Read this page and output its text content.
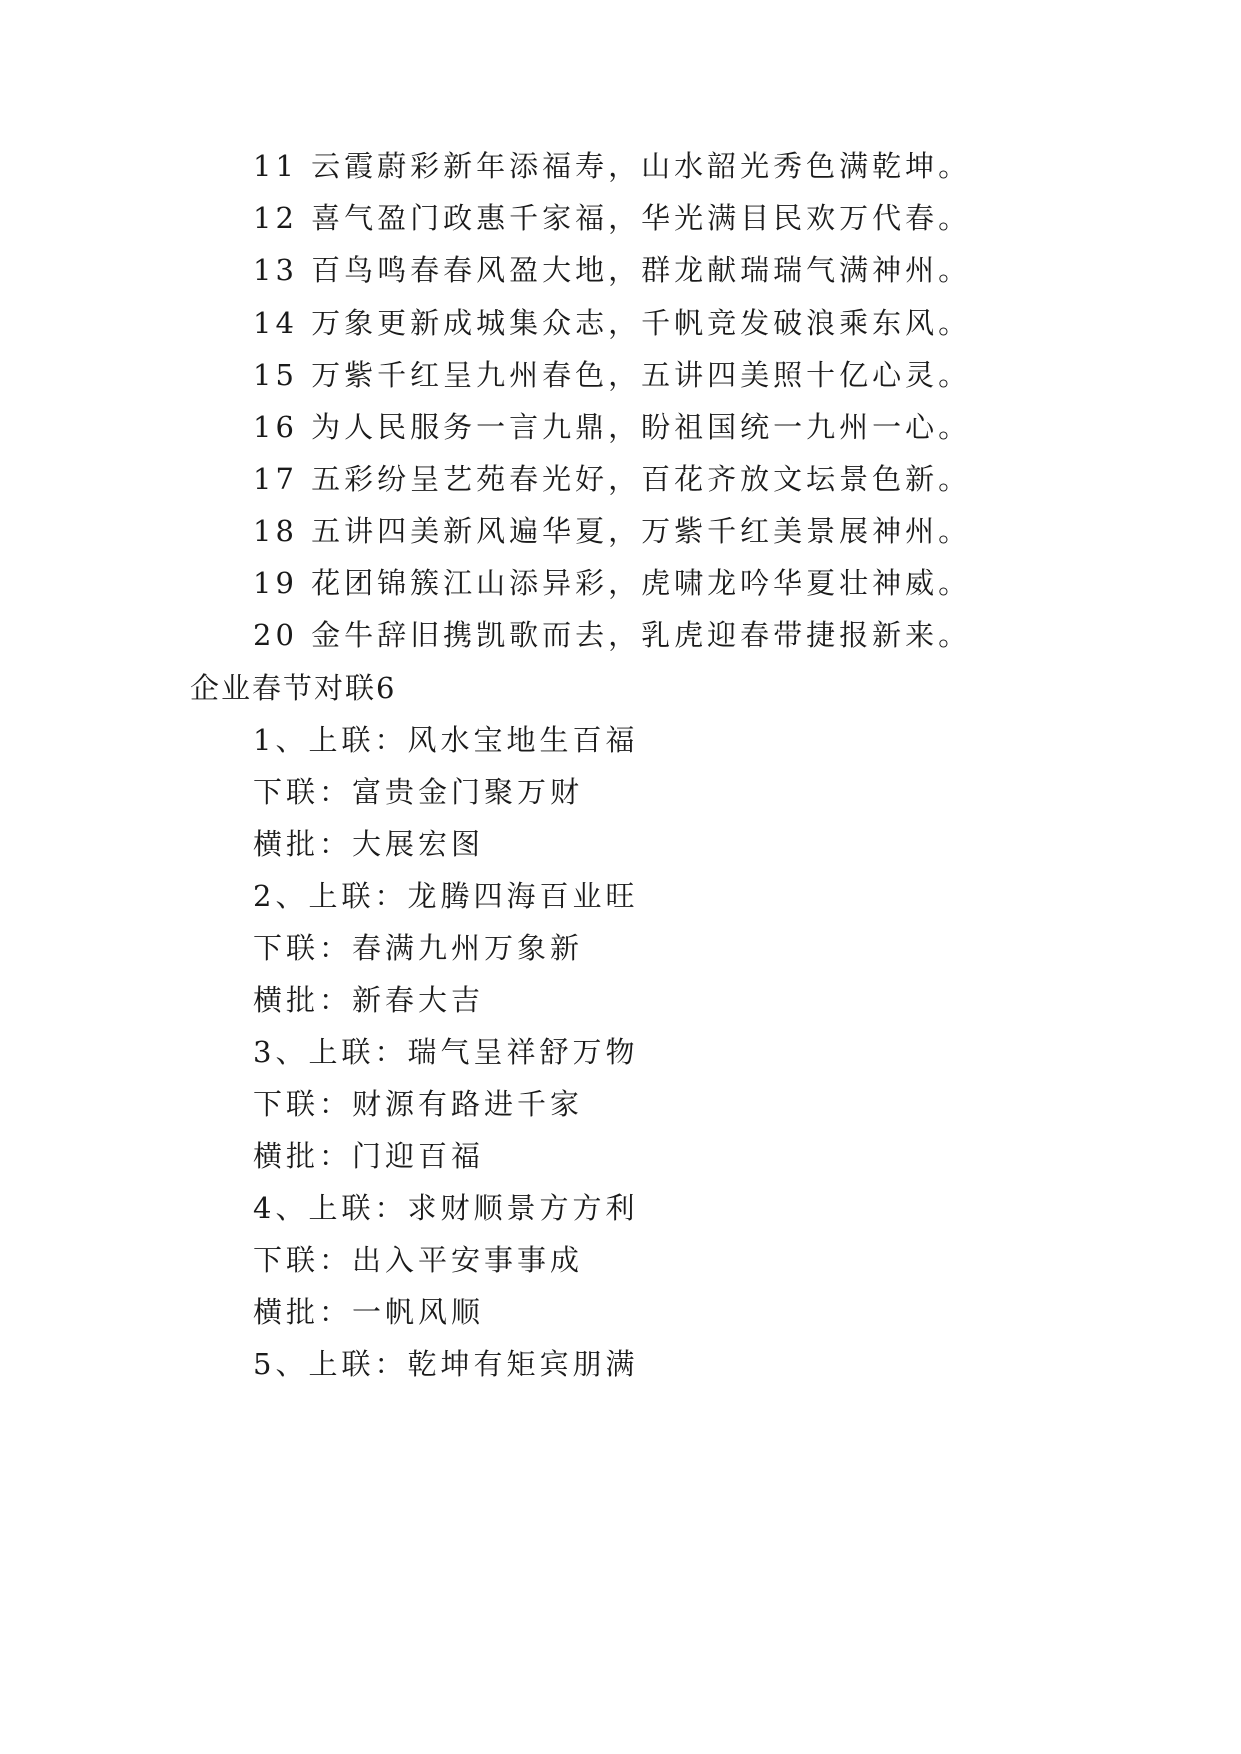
11 云霞蔚彩新年添福寿，山水韶光秀色满乾坤。
12 喜气盈门政惠千家福，华光满目民欢万代春。
13 百鸟鸣春春风盈大地，群龙献瑞瑞气满神州。
14 万象更新成城集众志，千帆竞发破浪乘东风。
15 万紫千红呈九州春色，五讲四美照十亿心灵。
16 为人民服务一言九鼎，盼祖国统一九州一心。
17 五彩纷呈艺苑春光好，百花齐放文坛景色新。
18 五讲四美新风遍华夏，万紫千红美景展神州。
19 花团锦簇江山添异彩，虎啸龙吟华夏壮神威。
20 金牛辞旧携凯歌而去，乳虎迎春带捷报新来。
企业春节对联6
1、上联：风水宝地生百福
下联：富贵金门聚万财
横批：大展宏图
2、上联：龙腾四海百业旺
下联：春满九州万象新
横批：新春大吉
3、上联：瑞气呈祥舒万物
下联：财源有路进千家
横批：门迎百福
4、上联：求财顺景方方利
下联：出入平安事事成
横批：一帆风顺
5、上联：乾坤有矩宾朋满
